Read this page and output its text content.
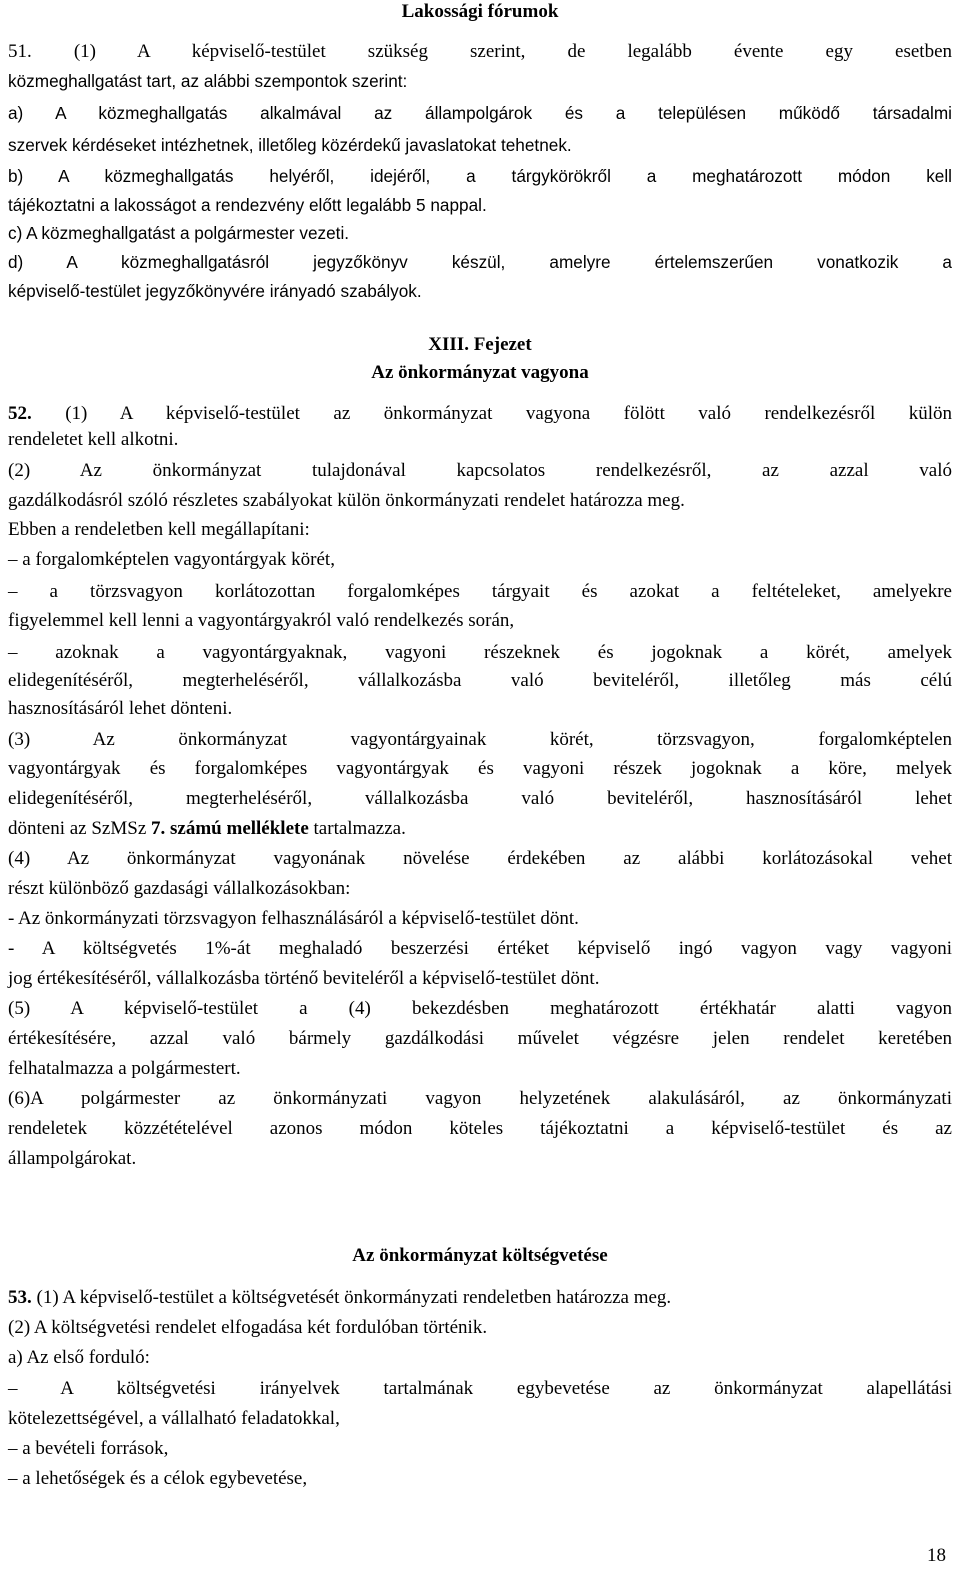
Lakossági fórumok
51. (1) A képviselő-testület szükség szerint, de legalább évente egy esetben
közmeghallgatást tart, az alábbi szempontok szerint:
a) A közmeghallgatás alkalmával az állampolgárok és a településen működő társadalmi
szervek kérdéseket intézhetnek, illetőleg közérdekű javaslatokat tehetnek.
b) A közmeghallgatás helyéről, idejéről, a tárgykörökről a meghatározott módon kell
tájékoztatni a lakosságot a rendezvény előtt legalább 5 nappal.
c) A közmeghallgatást a polgármester vezeti.
d) A közmeghallgatásról jegyzőkönyv készül, amelyre értelemszerűen vonatkozik a
képviselő-testület jegyzőkönyvére irányadó szabályok.
XIII. Fejezet
Az önkormányzat vagyona
52. (1) A képviselő-testület az önkormányzat vagyona fölött való rendelkezésről külön
rendeletet kell alkotni.
(2) Az önkormányzat tulajdonával kapcsolatos rendelkezésről, az azzal való
gazdálkodásról szóló részletes szabályokat külön önkormányzati rendelet határozza meg.
Ebben a rendeletben kell megállapítani:
– a forgalomképtelen vagyontárgyak körét,
– a törzsvagyon korlátozottan forgalomképes tárgyait és azokat a feltételeket, amelyekre
figyelemmel kell lenni a vagyontárgyakról való rendelkezés során,
– azoknak a vagyontárgyaknak, vagyoni részeknek és jogoknak a körét, amelyek
elidegenítéséről, megterheléséről, vállalkozásba való beviteléről, illetőleg más célú
hasznosításáról lehet dönteni.
(3) Az önkormányzat vagyontárgyainak körét, törzsvagyon, forgalomképtelen
vagyontárgyak és forgalomképes vagyontárgyak és vagyoni részek jogoknak a köre, melyek
elidegenítéséről, megterheléséről, vállalkozásba való beviteléről, hasznosításáról lehet
dönteni az SzMSz 7. számú melléklete tartalmazza.
(4) Az önkormányzat vagyonának növelése érdekében az alábbi korlátozásokal vehet
részt különböző gazdasági vállalkozásokban:
- Az önkormányzati törzsvagyon felhasználásáról a képviselő-testület dönt.
- A költségvetés 1%-át meghaladó beszerzési értéket képviselő ingó vagyon vagy vagyoni
jog értékesítéséről, vállalkozásba történő beviteléről a képviselő-testület dönt.
(5) A képviselő-testület a (4) bekezdésben meghatározott értékhatár alatti vagyon
értékesítésére, azzal való bármely gazdálkodási művelet végzésre jelen rendelet keretében
felhatalmazza a polgármestert.
(6)A polgármester az önkormányzati vagyon helyzetének alakulásáról, az önkormányzati
rendeletek közzétételével azonos módon köteles tájékoztatni a képviselő-testület és az
állampolgárokat.
Az önkormányzat költségvetése
53. (1) A képviselő-testület a költségvetését önkormányzati rendeletben határozza meg.
(2) A költségvetési rendelet elfogadása két fordulóban történik.
a) Az első forduló:
– A költségvetési irányelvek tartalmának egybevetése az önkormányzat alapellátási
kötelezettségével, a vállalható feladatokkal,
– a bevételi források,
– a lehetőségek és a célok egybevetése,
18
